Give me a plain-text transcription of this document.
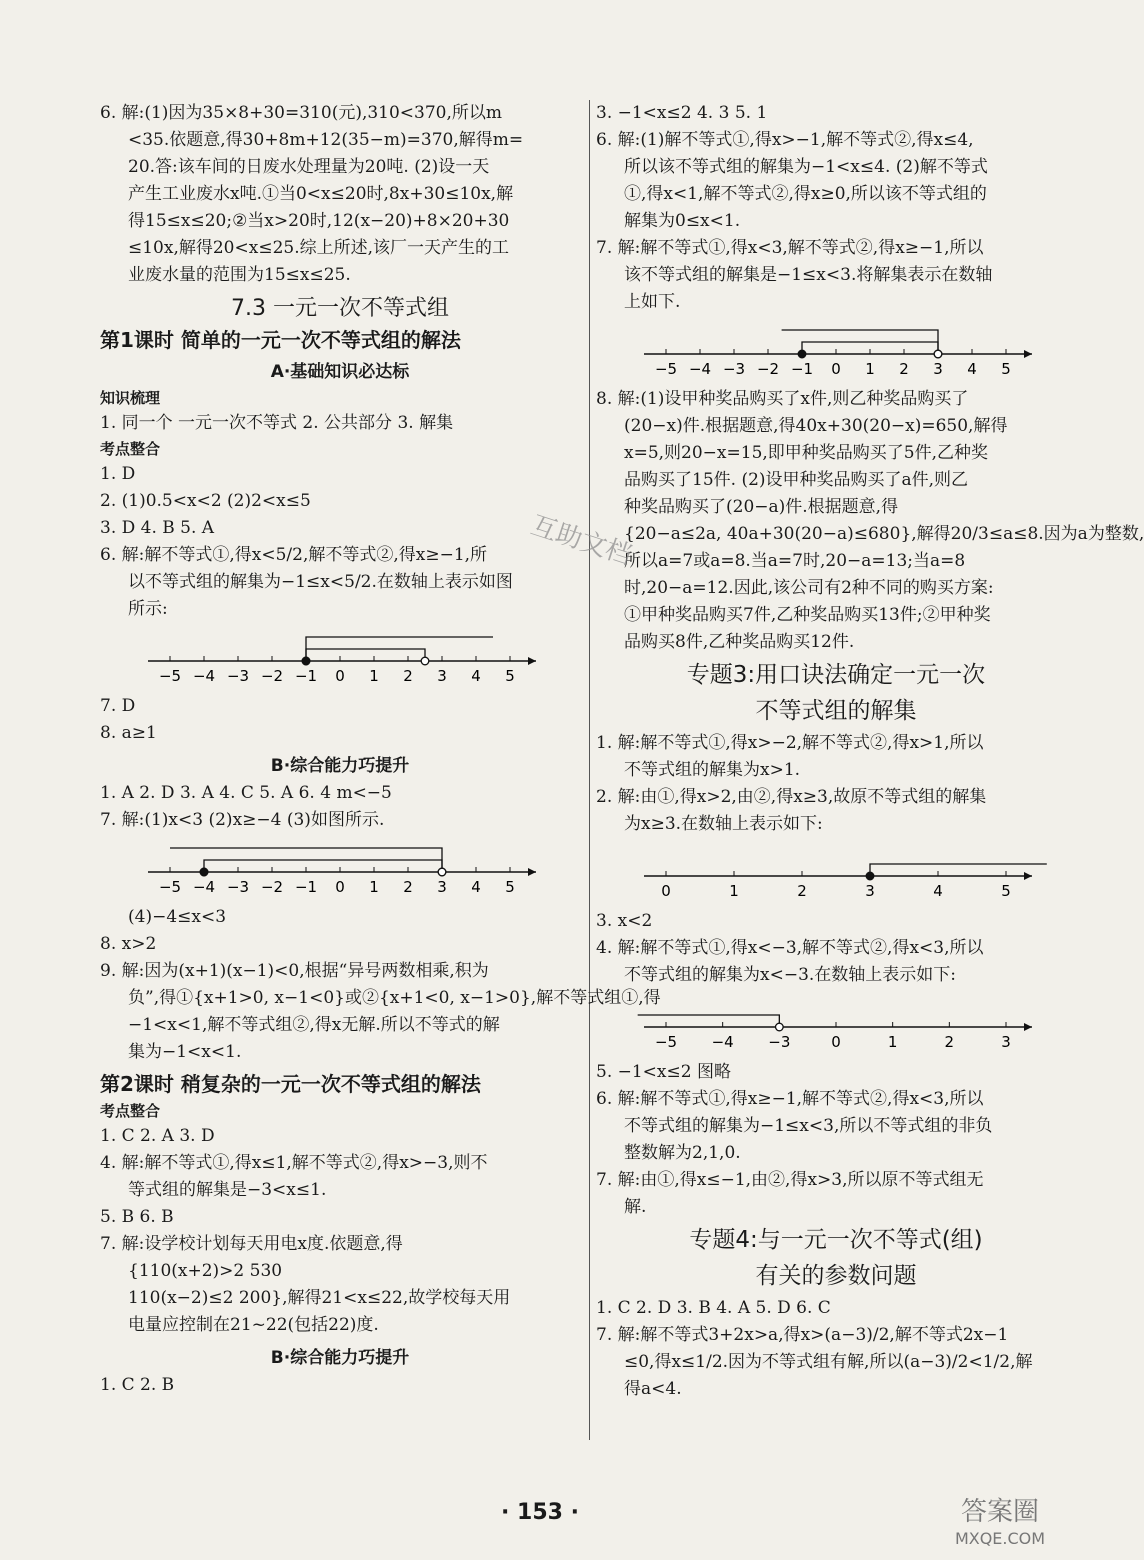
6. 解:(1)因为35×8+30=310(元),310<370,所以m
<35.依题意,得30+8m+12(35−m)=370,解得m=
20.答:该车间的日废水处理量为20吨. (2)设一天
产生工业废水x吨.①当0<x≤20时,8x+30≤10x,解
得15≤x≤20;②当x>20时,12(x−20)+8×20+30
≤10x,解得20<x≤25.综上所述,该厂一天产生的工
业废水量的范围为15≤x≤25.
7.3 一元一次不等式组
第1课时 简单的一元一次不等式组的解法
A·基础知识必达标
知识梳理
1. 同一个 一元一次不等式 2. 公共部分 3. 解集
考点整合
1. D
2. (1)0.5<x<2 (2)2<x≤5
3. D 4. B 5. A
6. 解:解不等式①,得x<5/2,解不等式②,得x≥−1,所
以不等式组的解集为−1≤x<5/2.在数轴上表示如图
所示:
−5 −4 −3 −2 −1 0 1 2 3 4 5
7. D
8. a≥1
B·综合能力巧提升
1. A 2. D 3. A 4. C 5. A 6. 4 m<−5
7. 解:(1)x<3 (2)x≥−4 (3)如图所示.
−5 −4 −3 −2 −1 0 1 2 3 4 5
(4)−4≤x<3
8. x>2
9. 解:因为(x+1)(x−1)<0,根据“异号两数相乘,积为
负”,得①{x+1>0, x−1<0}或②{x+1<0, x−1>0},解不等式组①,得
−1<x<1,解不等式组②,得x无解.所以不等式的解
集为−1<x<1.
第2课时 稍复杂的一元一次不等式组的解法
考点整合
1. C 2. A 3. D
4. 解:解不等式①,得x≤1,解不等式②,得x>−3,则不
等式组的解集是−3<x≤1.
5. B 6. B
7. 解:设学校计划每天用电x度.依题意,得
{110(x+2)>2 530
110(x−2)≤2 200},解得21<x≤22,故学校每天用
电量应控制在21~22(包括22)度.
B·综合能力巧提升
1. C 2. B
3. −1<x≤2 4. 3 5. 1
6. 解:(1)解不等式①,得x>−1,解不等式②,得x≤4,
所以该不等式组的解集为−1<x≤4. (2)解不等式
①,得x<1,解不等式②,得x≥0,所以该不等式组的
解集为0≤x<1.
7. 解:解不等式①,得x<3,解不等式②,得x≥−1,所以
该不等式组的解集是−1≤x<3.将解集表示在数轴
上如下.
−5 −4 −3 −2 −1 0 1 2 3 4 5
8. 解:(1)设甲种奖品购买了x件,则乙种奖品购买了
(20−x)件.根据题意,得40x+30(20−x)=650,解得
x=5,则20−x=15,即甲种奖品购买了5件,乙种奖
品购买了15件. (2)设甲种奖品购买了a件,则乙
种奖品购买了(20−a)件.根据题意,得
{20−a≤2a, 40a+30(20−a)≤680},解得20/3≤a≤8.因为a为整数,
所以a=7或a=8.当a=7时,20−a=13;当a=8
时,20−a=12.因此,该公司有2种不同的购买方案:
①甲种奖品购买7件,乙种奖品购买13件;②甲种奖
品购买8件,乙种奖品购买12件.
专题3:用口诀法确定一元一次
不等式组的解集
1. 解:解不等式①,得x>−2,解不等式②,得x>1,所以
不等式组的解集为x>1.
2. 解:由①,得x>2,由②,得x≥3,故原不等式组的解集
为x≥3.在数轴上表示如下:
0	1	2	3	4	5
3. x<2
4. 解:解不等式①,得x<−3,解不等式②,得x<3,所以
不等式组的解集为x<−3.在数轴上表示如下:
−5 −4 −3	0	1	2	3
5. −1<x≤2 图略
6. 解:解不等式①,得x≥−1,解不等式②,得x<3,所以
不等式组的解集为−1≤x<3,所以不等式组的非负
整数解为2,1,0.
7. 解:由①,得x≤−1,由②,得x>3,所以原不等式组无
解.
专题4:与一元一次不等式(组)
有关的参数问题
1. C 2. D 3. B 4. A 5. D 6. C
7. 解:解不等式3+2x>a,得x>(a−3)/2,解不等式2x−1
≤0,得x≤1/2.因为不等式组有解,所以(a−3)/2<1/2,解
得a<4.
· 153 ·
互助文档
答案圈
MXQE.COM
